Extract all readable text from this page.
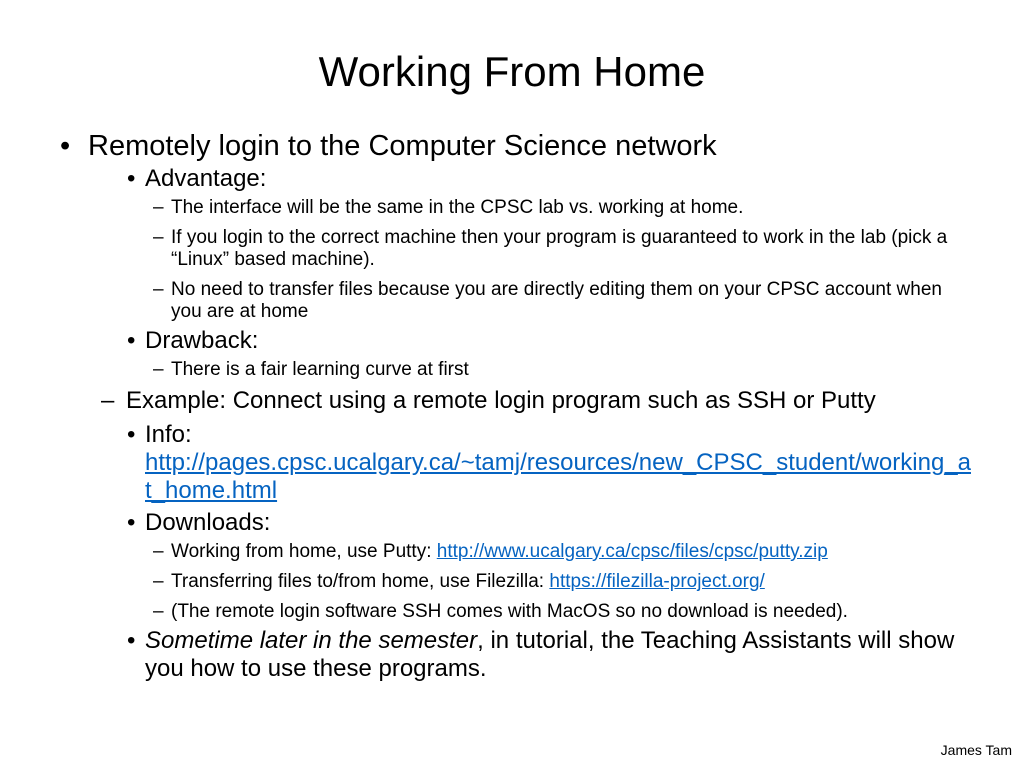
Working From Home
• Remotely login to the Computer Science network
• Advantage:
– The interface will be the same in the CPSC lab vs. working at home.
– If you login to the correct machine then your program is guaranteed to work in the lab (pick a “Linux” based machine).
– No need to transfer files because you are directly editing them on your CPSC account when you are at home
• Drawback:
– There is a fair learning curve at first
– Example: Connect using a remote login program such as SSH or Putty
• Info:
http://pages.cpsc.ucalgary.ca/~tamj/resources/new_CPSC_student/working_at_home.html
• Downloads:
– Working from home, use Putty: http://www.ucalgary.ca/cpsc/files/cpsc/putty.zip
– Transferring files to/from home, use Filezilla: https://filezilla-project.org/
– (The remote login software SSH comes with MacOS so no download is needed).
• Sometime later in the semester, in tutorial, the Teaching Assistants will show you how to use these programs.
James Tam
